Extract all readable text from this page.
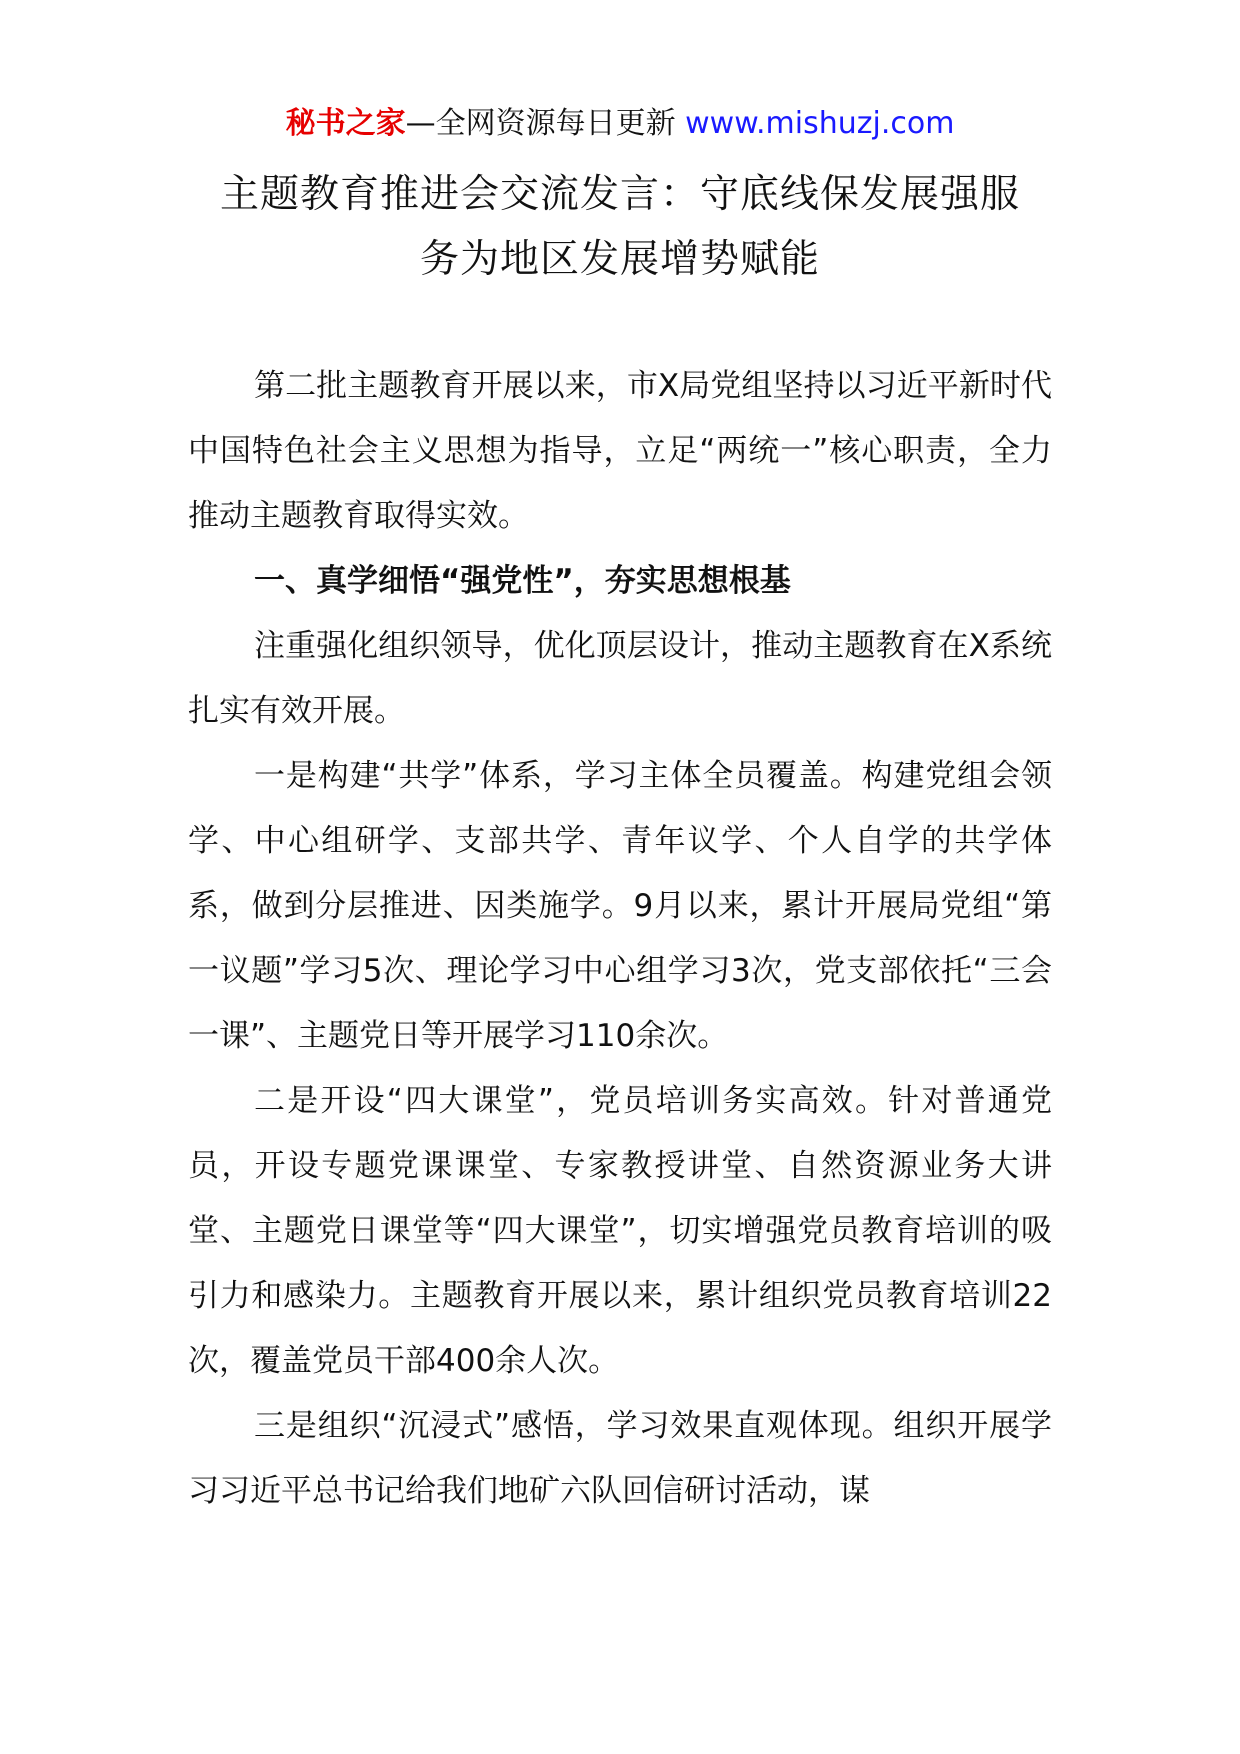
秘书之家—全网资源每日更新 www.mishuzj.com
主题教育推进会交流发言：守底线保发展强服
务为地区发展增势赋能

第二批主题教育开展以来，市X局党组坚持以习近平新时代中国特色社会主义思想为指导，立足“两统一”核心职责，全力推动主题教育取得实效。

一、真学细悟“强党性”，夯实思想根基

注重强化组织领导，优化顶层设计，推动主题教育在X系统扎实有效开展。

一是构建“共学”体系，学习主体全员覆盖。构建党组会领学、中心组研学、支部共学、青年议学、个人自学的共学体系，做到分层推进、因类施学。9月以来，累计开展局党组“第一议题”学习5次、理论学习中心组学习3次，党支部依托“三会一课”、主题党日等开展学习110余次。

二是开设“四大课堂”，党员培训务实高效。针对普通党员，开设专题党课课堂、专家教授讲堂、自然资源业务大讲堂、主题党日课堂等“四大课堂”，切实增强党员教育培训的吸引力和感染力。主题教育开展以来，累计组织党员教育培训22次，覆盖党员干部400余人次。

三是组织“沉浸式”感悟，学习效果直观体现。组织开展学习习近平总书记给我们地矿六队回信研讨活动，谋
